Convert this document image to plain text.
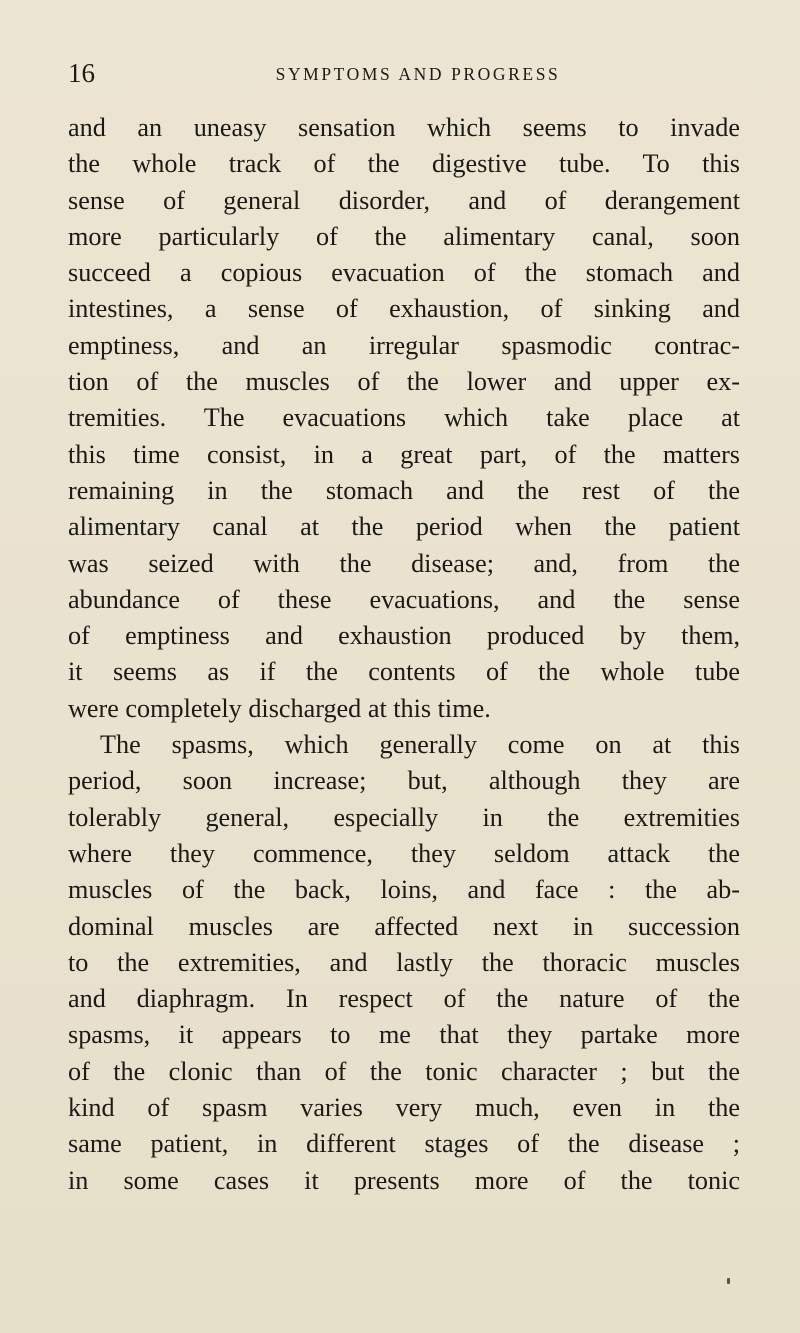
16	SYMPTOMS AND PROGRESS
and an uneasy sensation which seems to invade
the whole track of the digestive tube. To this
sense of general disorder, and of derangement
more particularly of the alimentary canal, soon
succeed a copious evacuation of the stomach and
intestines, a sense of exhaustion, of sinking and
emptiness, and an irregular spasmodic contrac-
tion of the muscles of the lower and upper ex-
tremities. The evacuations which take place at
this time consist, in a great part, of the matters
remaining in the stomach and the rest of the
alimentary canal at the period when the patient
was seized with the disease; and, from the
abundance of these evacuations, and the sense
of emptiness and exhaustion produced by them,
it seems as if the contents of the whole tube
were completely discharged at this time.
The spasms, which generally come on at this
period, soon increase; but, although they are
tolerably general, especially in the extremities
where they commence, they seldom attack the
muscles of the back, loins, and face : the ab-
dominal muscles are affected next in succession
to the extremities, and lastly the thoracic muscles
and diaphragm. In respect of the nature of the
spasms, it appears to me that they partake more
of the clonic than of the tonic character ; but the
kind of spasm varies very much, even in the
same patient, in different stages of the disease ;
in some cases it presents more of the tonic
